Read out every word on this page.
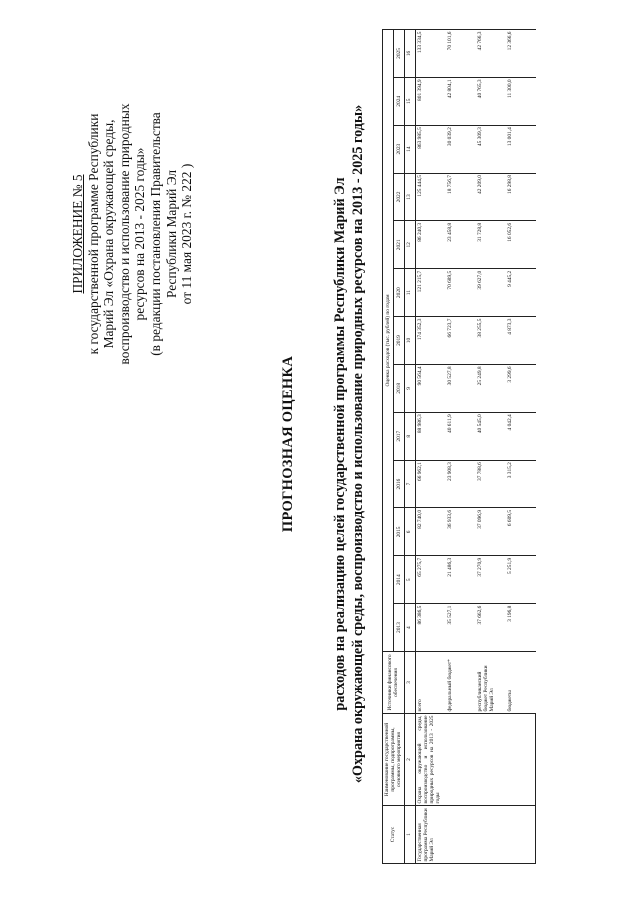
ПРИЛОЖЕНИЕ № 5 к государственной программе Республики Марий Эл «Охрана окружающей среды, воспроизводство и использование природных ресурсов на 2013 - 2025 годы» (в редакции постановления Правительства Республики Марий Эл от 11 мая 2023 г. № 222 )
ПРОГНОЗНАЯ ОЦЕНКА	расходов на реализацию целей государственной программы Республики Марий Эл «Охрана окружающей среды, воспроизводство и использование природных ресурсов на 2013 - 2025 годы»
Статус	Наименование государственной программы, подпрограммы, основного мероприятия	Источники финансового обеспечения	Оценка расходов (тыс. рублей) по годам												
			2013	2014	2015	2016	2017	2018	2019	2020	2021	2022	2023	2024	2025
1	2	3	4	5	6	7	8	9	10	11	12	13	14	15	16
Государственная программа Республики Марий Эл	Охрана окружающей среды, воспроизводство и использование природных ресурсов на 2013 - 2025 годы	всего	86 386,5	65 275,7	82 740,0	66 962,1	88 986,3	90 564,4	174 352,3	121 215,7	86 240,3	125 444,5	863 985,5	801 394,9	133 334,5
		федеральный бюджет*	35 527,1	21 486,3	36 933,6	23 908,3	40 611,9	30 527,8	66 723,7	70 689,5	23 458,8	18 756,7	30 039,2	42 804,1	70 101,6
		республиканский бюджет Республики Марий Эл	37 662,6	37 270,9	37 096,9	37 788,6	40 545,0	25 249,8	38 255,5	39 627,0	31 728,8	42 209,0	45 309,3	40 765,3	42 766,3
		бюджеты	3 196,8	5 251,9	6 609,5	3 315,2	4 042,4	3 299,6	4 873,3	9 445,2	16 052,6	16 298,8	13 001,4	11 300,0	12 366,6
